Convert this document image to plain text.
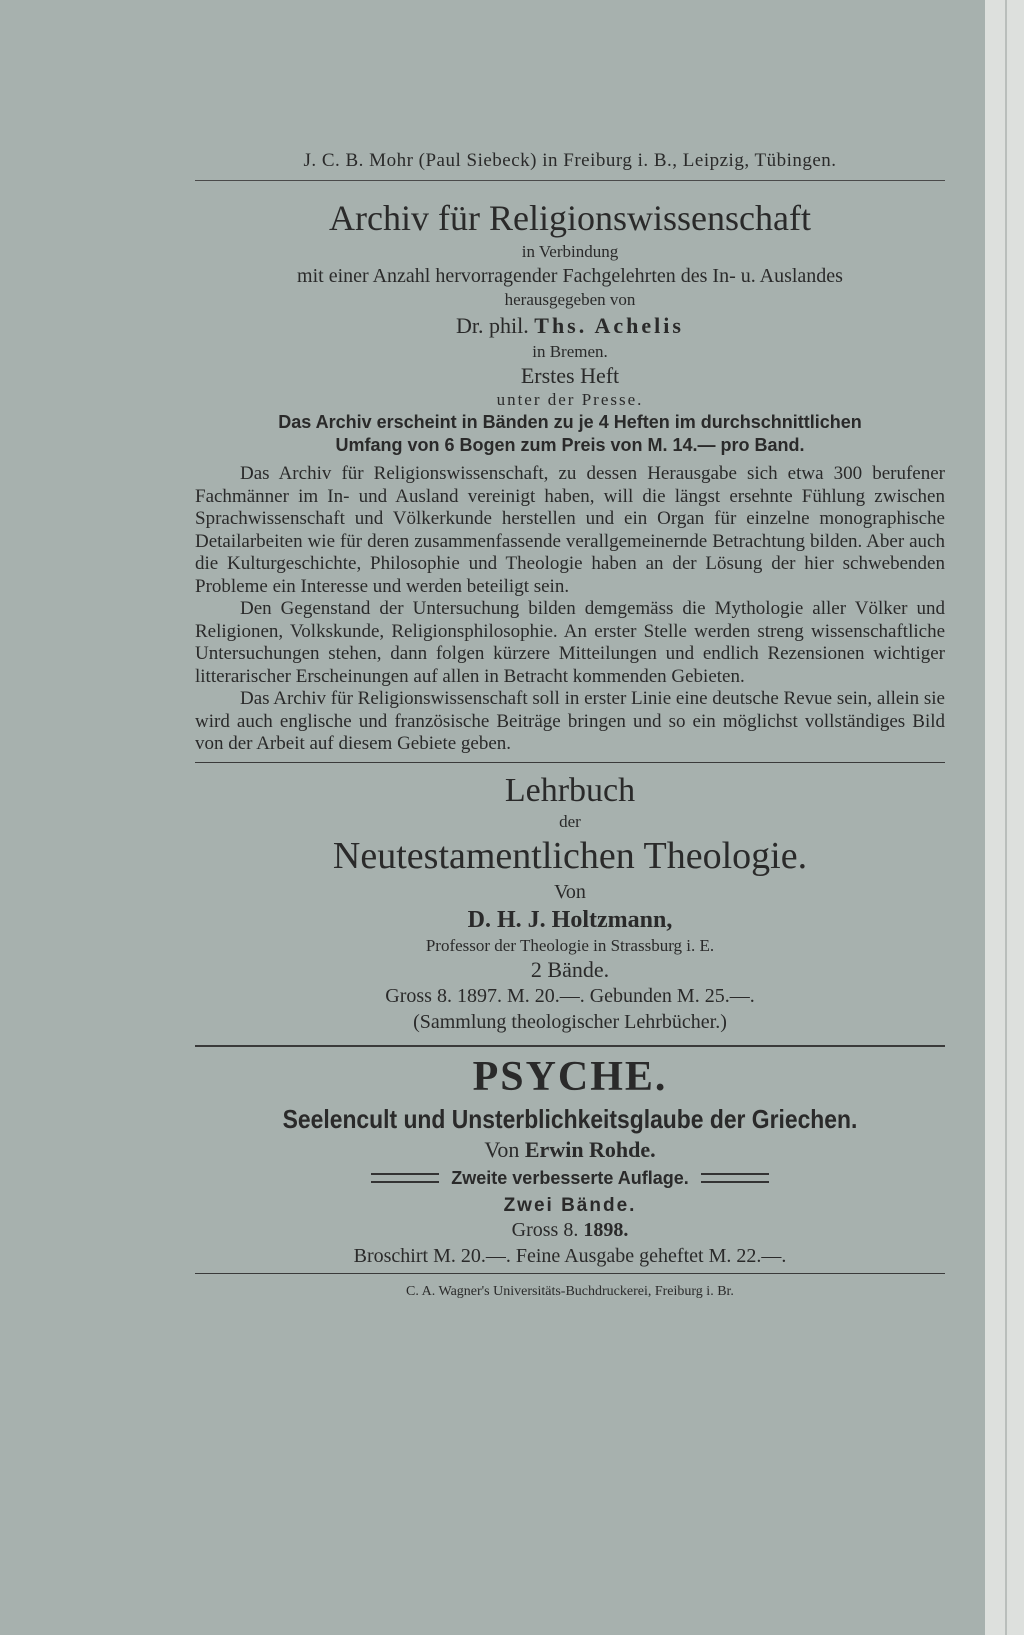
J. C. B. Mohr (Paul Siebeck) in Freiburg i. B., Leipzig, Tübingen.
Archiv für Religionswissenschaft
in Verbindung
mit einer Anzahl hervorragender Fachgelehrten des In- u. Auslandes
herausgegeben von
Dr. phil. Ths. Achelis
in Bremen.
Erstes Heft
unter der Presse.
Das Archiv erscheint in Bänden zu je 4 Heften im durchschnittlichen
Umfang von 6 Bogen zum Preis von M. 14.— pro Band.

Das Archiv für Religionswissenschaft, zu dessen Herausgabe sich etwa 300 berufener Fachmänner im In- und Ausland vereinigt haben, will die längst ersehnte Fühlung zwischen Sprachwissenschaft und Völkerkunde herstellen und ein Organ für einzelne monographische Detailarbeiten wie für deren zusammenfassende verallgemeinernde Betrachtung bilden. Aber auch die Kulturgeschichte, Philosophie und Theologie haben an der Lösung der hier schwebenden Probleme ein Interesse und werden beteiligt sein.

Den Gegenstand der Untersuchung bilden demgemäss die Mythologie aller Völker und Religionen, Volkskunde, Religionsphilosophie. An erster Stelle werden streng wissenschaftliche Untersuchungen stehen, dann folgen kürzere Mitteilungen und endlich Rezensionen wichtiger litterarischer Erscheinungen auf allen in Betracht kommenden Gebieten.

Das Archiv für Religionswissenschaft soll in erster Linie eine deutsche Revue sein, allein sie wird auch englische und französische Beiträge bringen und so ein möglichst vollständiges Bild von der Arbeit auf diesem Gebiete geben.

Lehrbuch
der
Neutestamentlichen Theologie.
Von
D. H. J. Holtzmann,
Professor der Theologie in Strassburg i. E.
2 Bände.
Gross 8. 1897. M. 20.—. Gebunden M. 25.—.
(Sammlung theologischer Lehrbücher.)
PSYCHE.
Seelencult und Unsterblichkeitsglaube der Griechen.
Von Erwin Rohde.
Zweite verbesserte Auflage.
Zwei Bände.
Gross 8. 1898.
Broschirt M. 20.—. Feine Ausgabe geheftet M. 22.—.
C. A. Wagner's Universitäts-Buchdruckerei, Freiburg i. Br.
